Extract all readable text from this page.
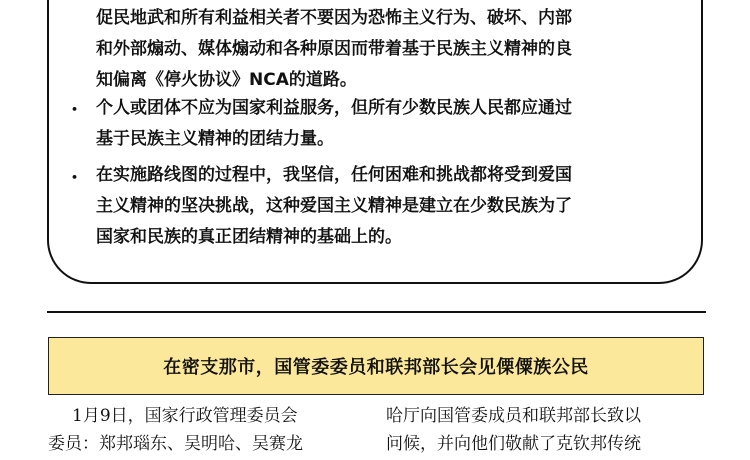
促民地武和所有利益相关者不要因为恐怖主义行为、破坏、内部
和外部煽动、媒体煽动和各种原因而带着基于民族主义精神的良
知偏离《停火协议》NCA的道路。
• 个人或团体不应为国家利益服务，但所有少数民族人民都应通过
基于民族主义精神的团结力量。
• 在实施路线图的过程中，我坚信，任何困难和挑战都将受到爱国
主义精神的坚决挑战，这种爱国主义精神是建立在少数民族为了
国家和民族的真正团结精神的基础上的。
在密支那市，国管委委员和联邦部长会见傈僳族公民
　1月9日，国家行政管理委员会
委员：郑邦瑙东、吴明哈、吴赛龙
哈厅向国管委成员和联邦部长致以
问候，并向他们敬献了克钦邦传统
